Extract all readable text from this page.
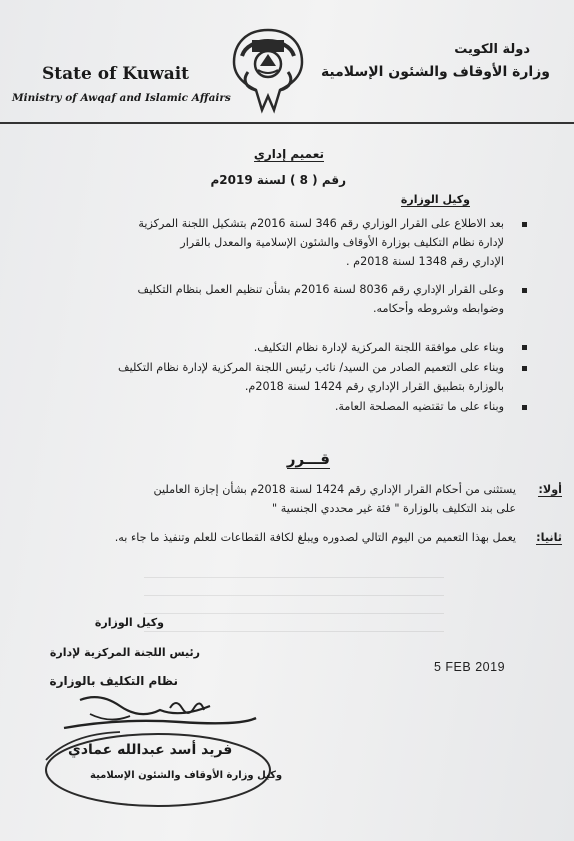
State of Kuwait
Ministry of Awqaf and Islamic Affairs
دولة الكويت
وزارة الأوقاف والشئون الإسلامية
تعميم إداري
رقم ( 8 ) لسنة 2019م
وكيل الوزارة
بعد الاطلاع على القرار الوزاري رقم 346 لسنة 2016م بتشكيل اللجنة المركزية
لإدارة نظام التكليف بوزارة الأوقاف والشئون الإسلامية والمعدل بالقرار
الإداري رقم 1348 لسنة 2018م .
وعلى القرار الإداري رقم 8036 لسنة 2016م بشأن تنظيم العمل بنظام التكليف
وضوابطه وشروطه وأحكامه.
وبناء على موافقة اللجنة المركزية لإدارة نظام التكليف.
وبناء على التعميم الصادر من السيد/ نائب رئيس اللجنة المركزية لإدارة نظام التكليف
بالوزارة بتطبيق القرار الإداري رقم 1424 لسنة 2018م.
وبناء على ما تقتضيه المصلحة العامة.
قـــرر
أولا:
يستثنى من أحكام القرار الإداري رقم 1424 لسنة 2018م بشأن إجازة العاملين
على بند التكليف بالوزارة " فئة غير محددي الجنسية "
ثانيا:
يعمل بهذا التعميم من اليوم التالي لصدوره ويبلغ لكافة القطاعات للعلم وتنفيذ ما جاء به.
وكيل الوزارة
رئيس اللجنة المركزية لإدارة
نظام التكليف بالوزارة
5 FEB 2019
فريد أسد عبدالله عمادي
وكيل وزارة الأوقاف والشئون الإسلامية
